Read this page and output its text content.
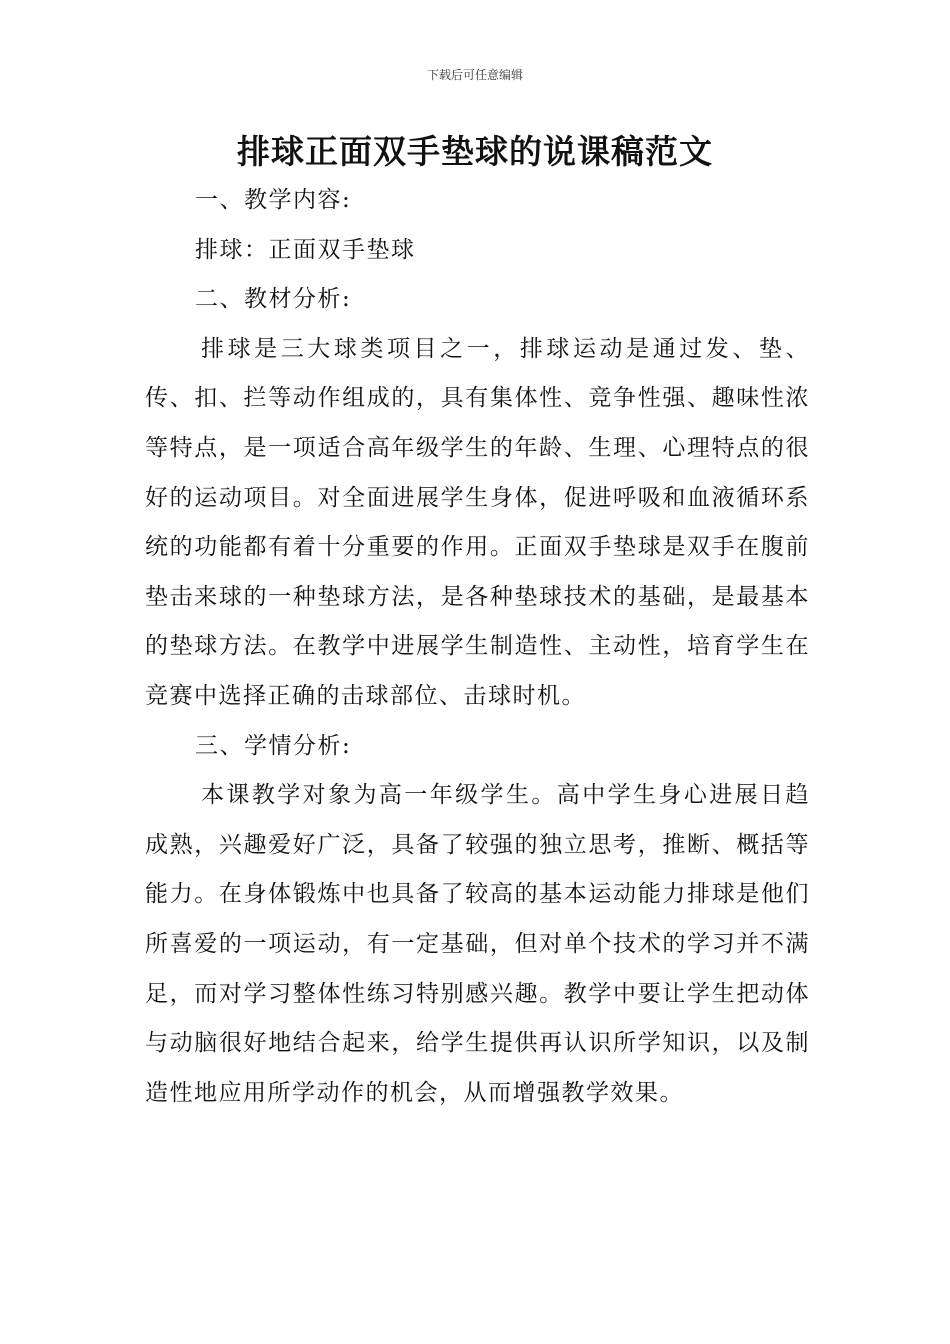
下载后可任意编辑
排球正面双手垫球的说课稿范文

一、教学内容:

排球：正面双手垫球

二、教材分析:

排球是三大球类项目之一，排球运动是通过发、垫、传、扣、拦等动作组成的，具有集体性、竞争性强、趣味性浓等特点，是一项适合高年级学生的年龄、生理、心理特点的很好的运动项目。对全面进展学生身体，促进呼吸和血液循环系统的功能都有着十分重要的作用。正面双手垫球是双手在腹前垫击来球的一种垫球方法，是各种垫球技术的基础，是最基本的垫球方法。在教学中进展学生制造性、主动性，培育学生在竞赛中选择正确的击球部位、击球时机。

三、学情分析:

本课教学对象为高一年级学生。高中学生身心进展日趋成熟，兴趣爱好广泛，具备了较强的独立思考，推断、概括等能力。在身体锻炼中也具备了较高的基本运动能力排球是他们所喜爱的一项运动，有一定基础，但对单个技术的学习并不满足，而对学习整体性练习特别感兴趣。教学中要让学生把动体与动脑很好地结合起来，给学生提供再认识所学知识，以及制造性地应用所学动作的机会，从而增强教学效果。
